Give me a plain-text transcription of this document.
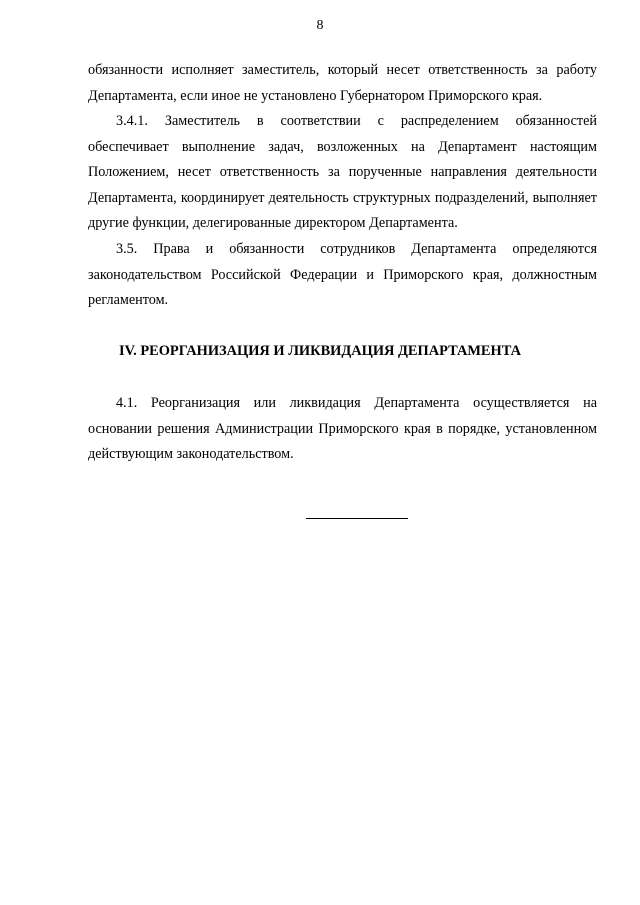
8

обязанности исполняет заместитель, который несет ответственность за работу Департамента, если иное не установлено Губернатором Приморского края.

3.4.1. Заместитель в соответствии с распределением обязанностей обеспечивает выполнение задач, возложенных на Департамент настоящим Положением, несет ответственность за порученные направления деятельности Департамента, координирует деятельность структурных подразделений, выполняет другие функции, делегированные директором Департамента.

3.5. Права и обязанности сотрудников Департамента определяются законодательством Российской Федерации и Приморского края, должностным регламентом.

IV. РЕОРГАНИЗАЦИЯ И ЛИКВИДАЦИЯ ДЕПАРТАМЕНТА

4.1. Реорганизация или ликвидация Департамента осуществляется на основании решения Администрации Приморского края в порядке, установленном действующим законодательством.
